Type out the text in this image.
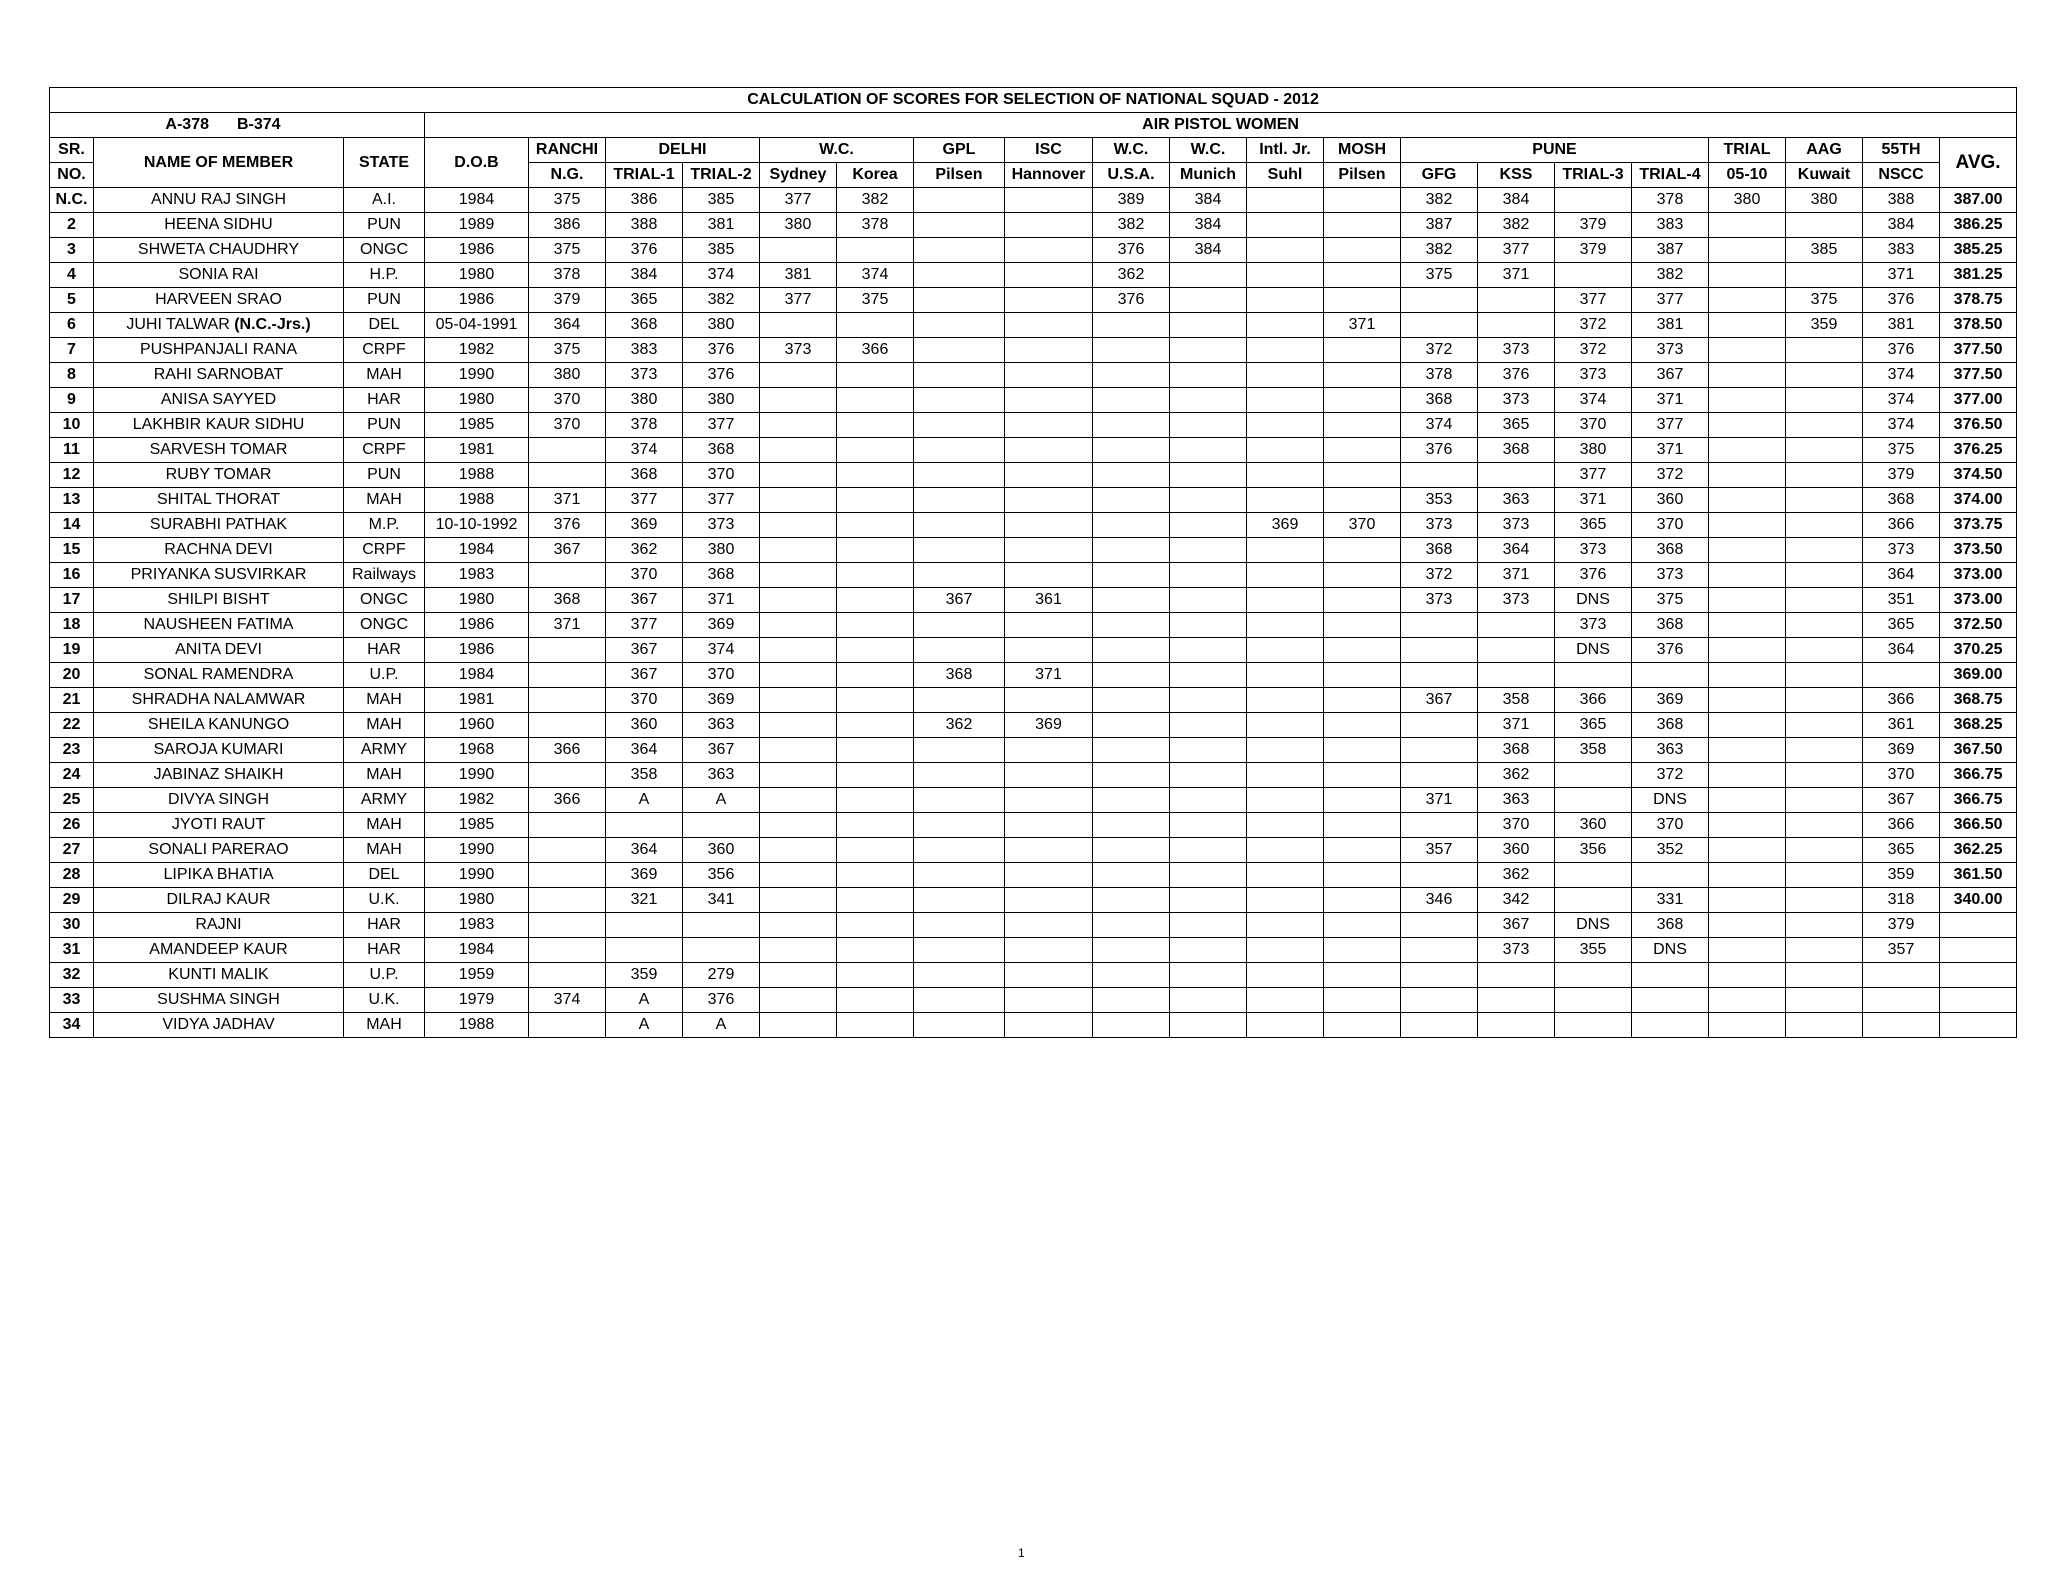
CALCULATION OF SCORES FOR SELECTION OF NATIONAL SQUAD - 2012																						
A-378 B-374			AIR PISTOL WOMEN																			
SR.	NAME OF MEMBER	STATE	D.O.B	RANCHI	DELHI		W.C.		GPL	ISC	W.C.	W.C.	Intl. Jr.	MOSH	PUNE				TRIAL	AAG	55TH	AVG.
NO.				N.G.	TRIAL-1	TRIAL-2	Sydney	Korea	Pilsen	Hannover	U.S.A.	Munich	Suhl	Pilsen	GFG	KSS	TRIAL-3	TRIAL-4	05-10	Kuwait	NSCC	
N.C.	ANNU RAJ SINGH	A.I.	1984	375	386	385	377	382			389	384			382	384		378	380	380	388	387.00
2	HEENA SIDHU	PUN	1989	386	388	381	380	378			382	384			387	382	379	383			384	386.25
3	SHWETA CHAUDHRY	ONGC	1986	375	376	385					376	384			382	377	379	387		385	383	385.25
4	SONIA RAI	H.P.	1980	378	384	374	381	374			362				375	371		382			371	381.25
5	HARVEEN SRAO	PUN	1986	379	365	382	377	375			376						377	377		375	376	378.75
6	JUHI TALWAR (N.C.-Jrs.)	DEL	05-04-1991	364	368	380								371			372	381		359	381	378.50
7	PUSHPANJALI RANA	CRPF	1982	375	383	376	373	366							372	373	372	373			376	377.50
8	RAHI SARNOBAT	MAH	1990	380	373	376									378	376	373	367			374	377.50
9	ANISA SAYYED	HAR	1980	370	380	380									368	373	374	371			374	377.00
10	LAKHBIR KAUR SIDHU	PUN	1985	370	378	377									374	365	370	377			374	376.50
11	SARVESH TOMAR	CRPF	1981		374	368									376	368	380	371			375	376.25
12	RUBY TOMAR	PUN	1988		368	370											377	372			379	374.50
13	SHITAL THORAT	MAH	1988	371	377	377									353	363	371	360			368	374.00
14	SURABHI PATHAK	M.P.	10-10-1992	376	369	373							369	370	373	373	365	370			366	373.75
15	RACHNA DEVI	CRPF	1984	367	362	380									368	364	373	368			373	373.50
16	PRIYANKA SUSVIRKAR	Railways	1983		370	368									372	371	376	373			364	373.00
17	SHILPI BISHT	ONGC	1980	368	367	371			367	361					373	373	DNS	375			351	373.00
18	NAUSHEEN FATIMA	ONGC	1986	371	377	369											373	368			365	372.50
19	ANITA DEVI	HAR	1986		367	374											DNS	376			364	370.25
20	SONAL RAMENDRA	U.P.	1984		367	370			368	371												369.00
21	SHRADHA NALAMWAR	MAH	1981		370	369									367	358	366	369			366	368.75
22	SHEILA KANUNGO	MAH	1960		360	363			362	369						371	365	368			361	368.25
23	SAROJA KUMARI	ARMY	1968	366	364	367										368	358	363			369	367.50
24	JABINAZ SHAIKH	MAH	1990		358	363										362		372			370	366.75
25	DIVYA SINGH	ARMY	1982	366	A	A									371	363		DNS			367	366.75
26	JYOTI RAUT	MAH	1985													370	360	370			366	366.50
27	SONALI PARERAO	MAH	1990		364	360									357	360	356	352			365	362.25
28	LIPIKA BHATIA	DEL	1990		369	356										362					359	361.50
29	DILRAJ KAUR	U.K.	1980		321	341									346	342		331			318	340.00
30	RAJNI	HAR	1983													367	DNS	368			379	
31	AMANDEEP KAUR	HAR	1984													373	355	DNS			357	
32	KUNTI MALIK	U.P.	1959		359	279																
33	SUSHMA SINGH	U.K.	1979	374	A	376																
34	VIDYA JADHAV	MAH	1988		A	A																
1
